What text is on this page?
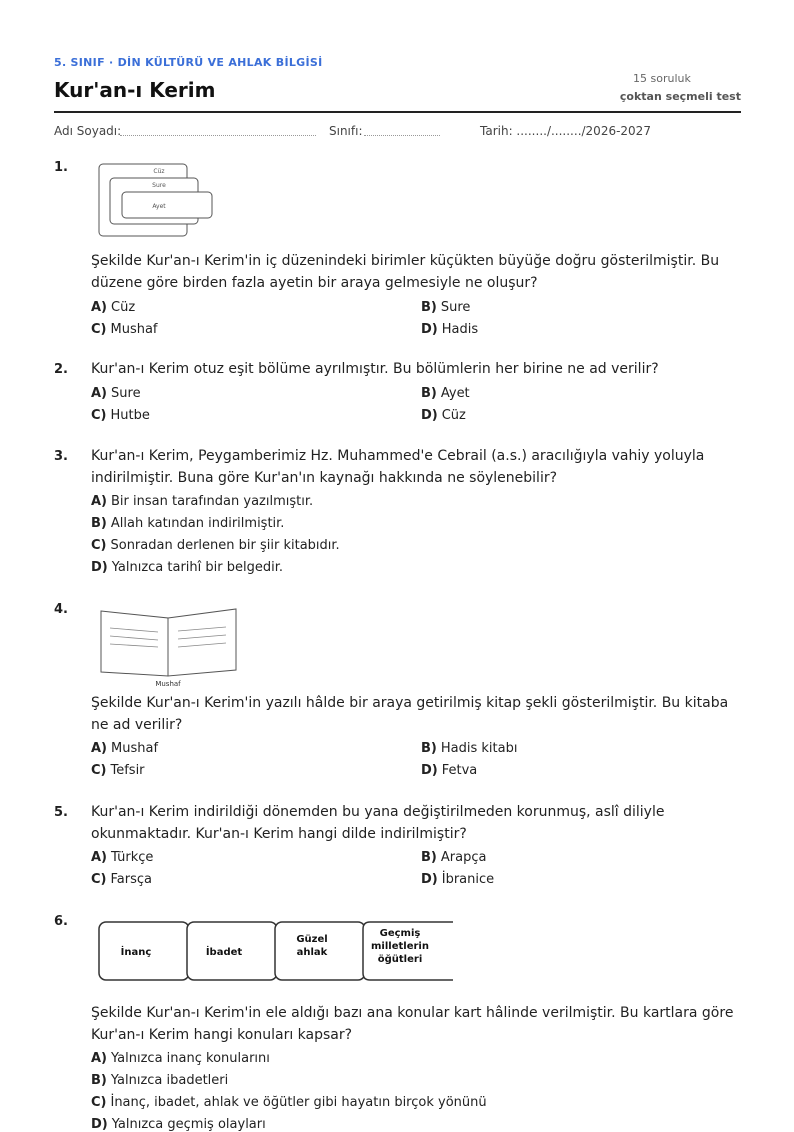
5. SINIF · DİN KÜLTÜRÜ VE AHLAK BİLGİSİ
Kur'an-ı Kerim	15 soruluk
çoktan seçmeli test
Adı Soyadı:	Sınıfı:	Tarih: ......../......../2026-2027
1.	Cüz
Sure
Ayet
Şekilde Kur'an-ı Kerim'in iç düzenindeki birimler küçükten büyüğe doğru gösterilmiştir. Bu düzene göre birden fazla ayetin bir araya gelmesiyle ne oluşur?
A) Cüz	B) Sure
C) Mushaf	D) Hadis
2. Kur'an-ı Kerim otuz eşit bölüme ayrılmıştır. Bu bölümlerin her birine ne ad verilir?
A) Sure	B) Ayet
C) Hutbe	D) Cüz
3. Kur'an-ı Kerim, Peygamberimiz Hz. Muhammed'e Cebrail (a.s.) aracılığıyla vahiy yoluyla indirilmiştir. Buna göre Kur'an'ın kaynağı hakkında ne söylenebilir?
A) Bir insan tarafından yazılmıştır.
B) Allah katından indirilmiştir.
C) Sonradan derlenen bir şiir kitabıdır.
D) Yalnızca tarihî bir belgedir.
4.
Mushaf
Şekilde Kur'an-ı Kerim'in yazılı hâlde bir araya getirilmiş kitap şekli gösterilmiştir. Bu kitaba ne ad verilir?
A) Mushaf	B) Hadis kitabı
C) Tefsir	D) Fetva
5. Kur'an-ı Kerim indirildiği dönemden bu yana değiştirilmeden korunmuş, aslî diliyle okunmaktadır. Kur'an-ı Kerim hangi dilde indirilmiştir?
A) Türkçe	B) Arapça
C) Farsça	D) İbranice
6.
İnanç	İbadet
Güzel ahlak
Geçmiş milletlerin öğütleri
Şekilde Kur'an-ı Kerim'in ele aldığı bazı ana konular kart hâlinde verilmiştir. Bu kartlara göre Kur'an-ı Kerim hangi konuları kapsar?
A) Yalnızca inanç konularını
B) Yalnızca ibadetleri
C) İnanç, ibadet, ahlak ve öğütler gibi hayatın birçok yönünü
D) Yalnızca geçmiş olayları
